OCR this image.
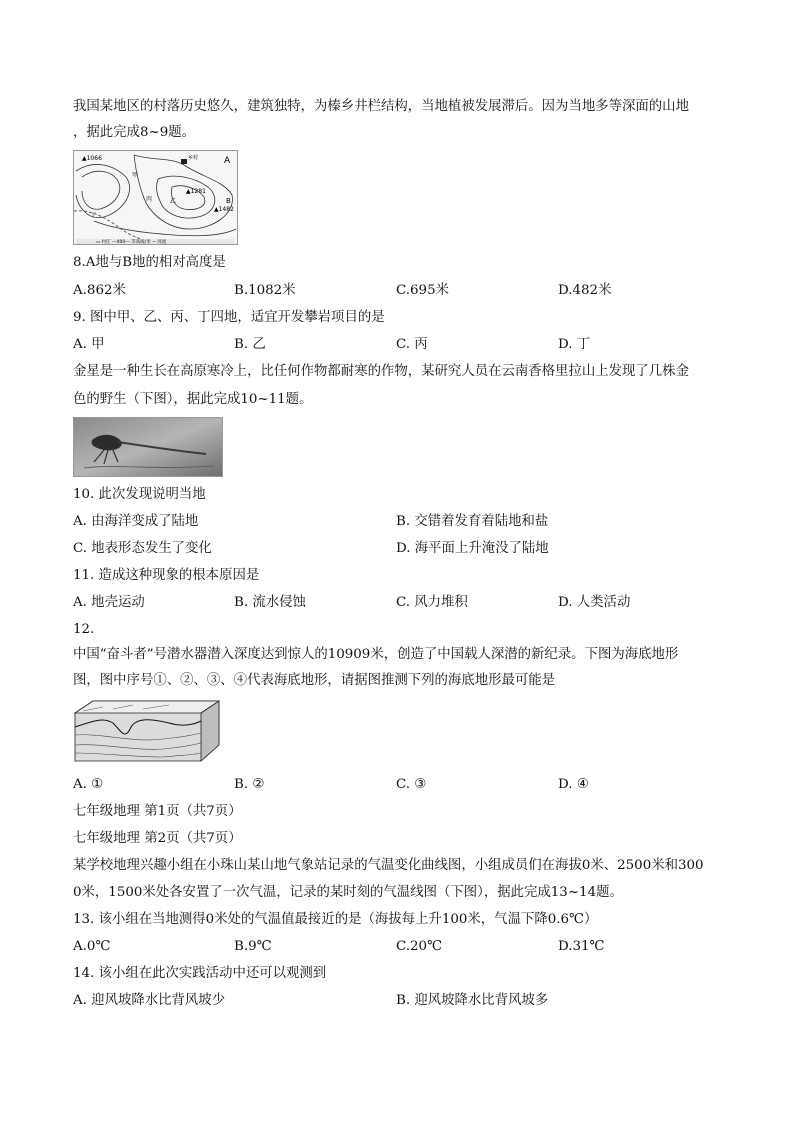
我国某地区的村落历史悠久，建筑独特，为榛乡井栏结构，当地植被发展滞后。因为当地多等深面的山地
，据此完成8~9题。
▲1066
▲1281
▲1482
A
B
乡村
甲
乙
丙
丁
▭ 村庄 —400— 等高线/米 ∼ 河流
8.A地与B地的相对高度是
A.862米	B.1082米	C.695米	D.482米
9. 图中甲、乙、丙、丁四地，适宜开发攀岩项目的是
A. 甲	B. 乙	C. 丙	D. 丁
金星是一种生长在高原寒冷上，比任何作物都耐寒的作物，某研究人员在云南香格里拉山上发现了几株金
色的野生（下图），据此完成10~11题。
10. 此次发现说明当地
A. 由海洋变成了陆地	B. 交错着发育着陆地和盐
C. 地表形态发生了变化	D. 海平面上升淹没了陆地
11. 造成这种现象的根本原因是
A. 地壳运动	B. 流水侵蚀	C. 风力堆积	D. 人类活动
12.
中国“奋斗者”号潜水器潜入深度达到惊人的10909米，创造了中国载人深潜的新纪录。下图为海底地形
图，图中序号①、②、③、④代表海底地形，请据图推测下列的海底地形最可能是
A. ①	B. ②	C. ③	D. ④
七年级地理 第1页（共7页）
七年级地理 第2页（共7页）
某学校地理兴趣小组在小珠山某山地气象站记录的气温变化曲线图，小组成员们在海拔0米、2500米和300
0米，1500米处各安置了一次气温，记录的某时刻的气温线图（下图），据此完成13~14题。
13. 该小组在当地测得0米处的气温值最接近的是（海拔每上升100米，气温下降0.6℃）
A.0℃	B.9℃	C.20℃	D.31℃
14. 该小组在此次实践活动中还可以观测到
A. 迎风坡降水比背风坡少	B. 迎风坡降水比背风坡多
